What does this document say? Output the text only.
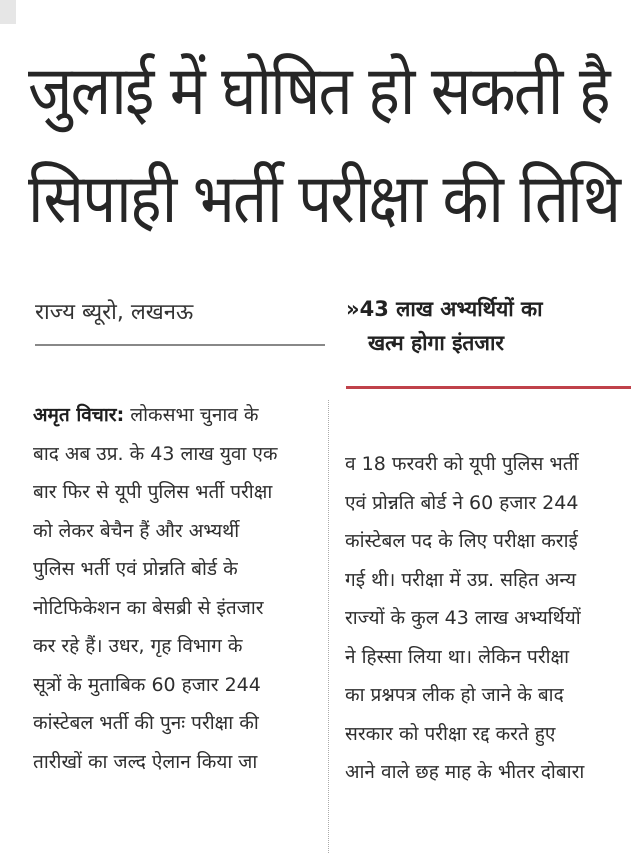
जुलाई में घोषित हो सकती है
सिपाही भर्ती परीक्षा की तिथि
राज्य ब्यूरो, लखनऊ	»43 लाख अभ्यर्थियों का
खत्म होगा इंतजार
अमृत विचार: लोकसभा चुनाव के
बाद अब उप्र. के 43 लाख युवा एक
बार फिर से यूपी पुलिस भर्ती परीक्षा
को लेकर बेचैन हैं और अभ्यर्थी
पुलिस भर्ती एवं प्रोन्नति बोर्ड के
नोटिफिकेशन का बेसब्री से इंतजार
कर रहे हैं। उधर, गृह विभाग के
सूत्रों के मुताबिक 60 हजार 244
कांस्टेबल भर्ती की पुनः परीक्षा की
तारीखों का जल्द ऐलान किया जा
व 18 फरवरी को यूपी पुलिस भर्ती
एवं प्रोन्नति बोर्ड ने 60 हजार 244
कांस्टेबल पद के लिए परीक्षा कराई
गई थी। परीक्षा में उप्र. सहित अन्य
राज्यों के कुल 43 लाख अभ्यर्थियों
ने हिस्सा लिया था। लेकिन परीक्षा
का प्रश्नपत्र लीक हो जाने के बाद
सरकार को परीक्षा रद्द करते हुए
आने वाले छह माह के भीतर दोबारा
